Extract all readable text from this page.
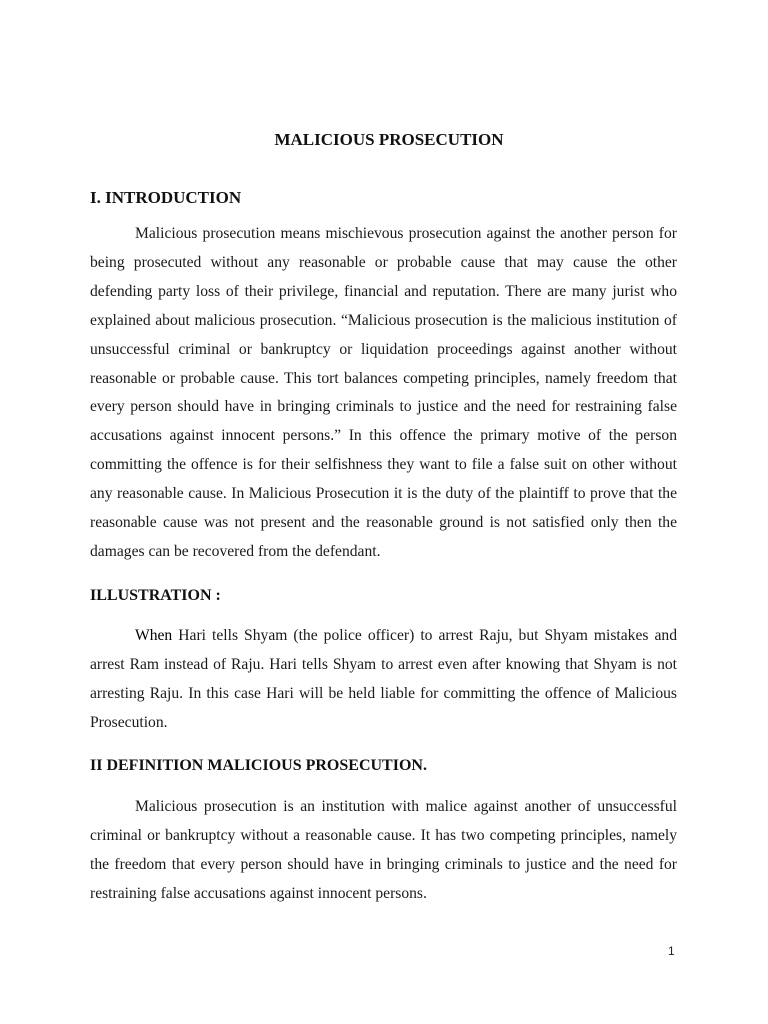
MALICIOUS PROSECUTION
I. INTRODUCTION

Malicious prosecution means mischievous prosecution against the another person for being prosecuted without any reasonable or probable cause that may cause the other defending party loss of their privilege, financial and reputation. There are many jurist who explained about malicious prosecution. “Malicious prosecution is the malicious institution of unsuccessful criminal or bankruptcy or liquidation proceedings against another without reasonable or probable cause. This tort balances competing principles, namely freedom that every person should have in bringing criminals to justice and the need for restraining false accusations against innocent persons.” In this offence the primary motive of the person committing the offence is for their selfishness they want to file a false suit on other without any reasonable cause. In Malicious Prosecution it is the duty of the plaintiff to prove that the reasonable cause was not present and the reasonable ground is not satisfied only then the damages can be recovered from the defendant.

ILLUSTRATION :

When Hari tells Shyam (the police officer) to arrest Raju, but Shyam mistakes and arrest Ram instead of Raju. Hari tells Shyam to arrest even after knowing that Shyam is not arresting Raju. In this case Hari will be held liable for committing the offence of Malicious Prosecution.

II DEFINITION MALICIOUS PROSECUTION.

Malicious prosecution is an institution with malice against another of unsuccessful criminal or bankruptcy without a reasonable cause. It has two competing principles, namely the freedom that every person should have in bringing criminals to justice and the need for restraining false accusations against innocent persons.

1
